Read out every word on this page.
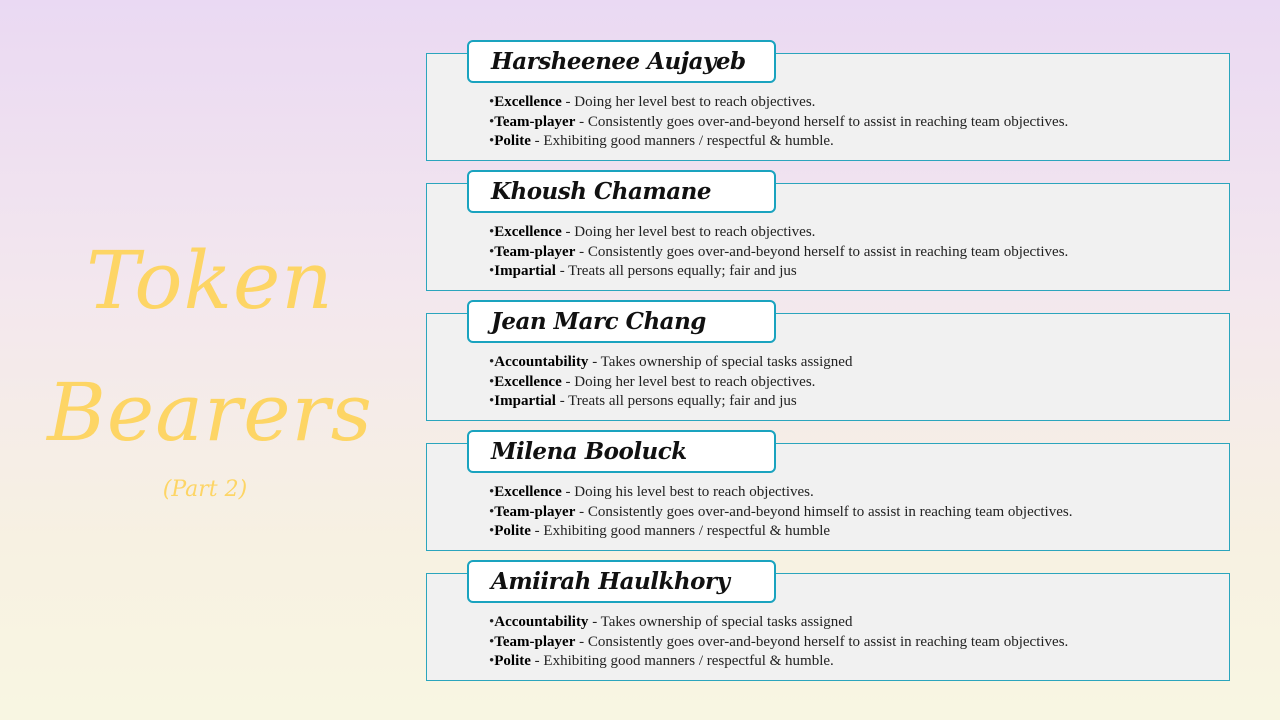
Token
Bearers
(Part 2)
Harsheenee Aujayeb
•Excellence - Doing her level best to reach objectives.
•Team-player - Consistently goes over-and-beyond herself to assist in reaching team objectives.
•Polite - Exhibiting good manners / respectful & humble.
Khoush Chamane
•Excellence - Doing her level best to reach objectives.
•Team-player - Consistently goes over-and-beyond herself to assist in reaching team objectives.
•Impartial - Treats all persons equally; fair and jus
Jean Marc Chang
•Accountability - Takes ownership of special tasks assigned
•Excellence - Doing her level best to reach objectives.
•Impartial - Treats all persons equally; fair and jus
Milena Booluck
•Excellence - Doing his level best to reach objectives.
•Team-player - Consistently goes over-and-beyond himself to assist in reaching team objectives.
•Polite - Exhibiting good manners / respectful & humble
Amiirah Haulkhory
•Accountability - Takes ownership of special tasks assigned
•Team-player - Consistently goes over-and-beyond herself to assist in reaching team objectives.
•Polite - Exhibiting good manners / respectful & humble.
